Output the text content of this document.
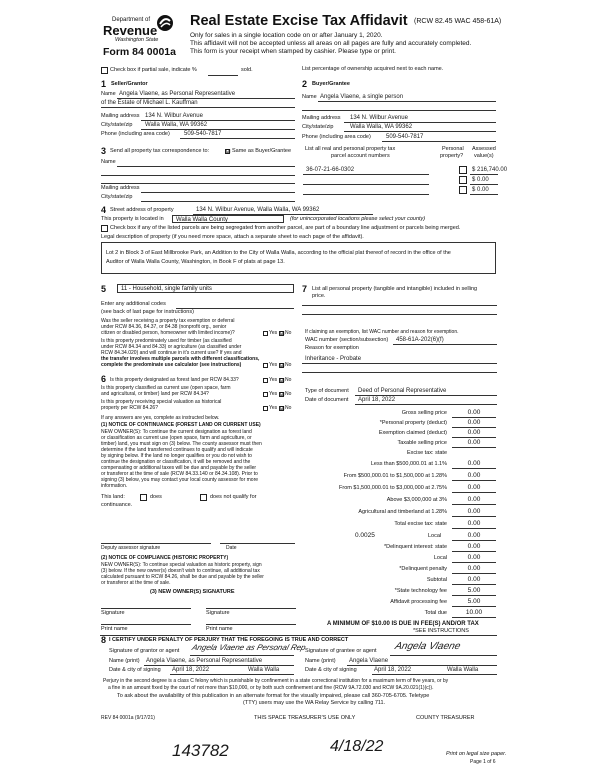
Department of
Revenue
Washington State
Form 84 0001a
Real Estate Excise Tax Affidavit (RCW 82.45 WAC 458-61A)
Only for sales in a single location code on or after January 1, 2020.
This affidavit will not be accepted unless all areas on all pages are fully and accurately completed.
This form is your receipt when stamped by cashier. Please type or print.
Check box if partial sale, indicate %	sold.	List percentage of ownership acquired next to each name.
1 Seller/Grantor
Name Angela Vlaene, as Personal Representative
of the Estate of Michael L. Kauffman
Mailing address 134 N. Wilbur Avenue
City/state/zip Walla Walla, WA 99362
Phone (including area code) 509-540-7817
2 Buyer/Grantee
Name Angela Vlaene, a single person
Mailing address 134 N. Wilbur Avenue
City/state/zip	Walla Walla, WA 99362
Phone (including area code)	509-540-7817
3 Send all property tax correspondence to:	☑ Same as Buyer/Grantee
Name
Mailing address
City/state/zip
List all real and personal property tax
parcel account numbers
Personal
property?
Assessed
value(s)
36-07-21-66-0302	$ 216,740.00
$ 0.00
$ 0.00
4 Street address of property	134 N. Wilbur Avenue, Walla Walla, WA 99362
This property is located in Walla Walla County	(for unincorporated locations please select your county)
Check box if any of the listed parcels are being segregated from another parcel, are part of a boundary line adjustment or parcels being merged.
Legal description of property (if you need more space, attach a separate sheet to each page of the affidavit).
Lot 2 in Block 3 of East Millbrooke Park, an Addition to the City of Walla Walla, according to the official plat thereof of record in the office of the
Auditor of Walla Walla County, Washington, in Book F of plats at page 13.
5 11 - Household, single family units
Enter any additional codes
(see back of last page for instructions)
Was the seller receiving a property tax exemption or deferral
under RCW 84.36, 84.37, or 84.38 (nonprofit org., senior
citizen or disabled person, homeowner with limited income)?	Yes ☑ No
Is this property predominately used for timber (as classified
under RCW 84.34 and 84.33) or agriculture (as classified under
RCW 84.34.020) and will continue in it's current use? If yes and
the transfer involves multiple parcels with different classifications,
complete the predominate use calculator (see instructions)	Yes ☑ No
6 Is this property designated as forest land per RCW 84.33?	Yes ☑ No
Is this property classified as current use (open space, farm
and agricultural, or timber) land per RCW 84.34?	Yes ☑ No
Is this property receiving special valuation as historical
property per RCW 84.26?	Yes ☑ No
If any answers are yes, complete as instructed below.
(1) NOTICE OF CONTINUANCE (FOREST LAND OR CURRENT USE)
NEW OWNER(S): To continue the current designation as forest land
or classification as current use (open space, farm and agriculture, or
timber) land, you must sign on (3) below. The county assessor must then
determine if the land transferred continues to qualify and will indicate
by signing below. If the land no longer qualifies or you do not wish to
continue the designation or classification, it will be removed and the
compensating or additional taxes will be due and payable by the seller
or transferor at the time of sale (RCW 84.33.140 or 84.34.108). Prior to
signing (3) below, you may contact your local county assessor for more
information.
This land:	does	does not qualify for
continuance.
Deputy assessor signature	Date
(2) NOTICE OF COMPLIANCE (HISTORIC PROPERTY)
NEW OWNER(S): To continue special valuation as historic property, sign
(3) below. If the new owner(s) doesn't wish to continue, all additional tax
calculated pursuant to RCW 84.26, shall be due and payable by the seller
or transferor at the time of sale.
(3) NEW OWNER(S) SIGNATURE
Signature	Signature
Print name	Print name
7 List all personal property (tangible and intangible) included in selling
price.
If claiming an exemption, list WAC number and reason for exemption.
WAC number (section/subsection) 458-61A-202(6)(f)
Reason for exemption
Inheritance - Probate
Type of document Deed of Personal Representative
Date of document April 18, 2022
Gross selling price	0.00
*Personal property (deduct)	0.00
Exemption claimed (deduct)	0.00
Taxable selling price	0.00
Excise tax: state
Less than $500,000.01 at 1.1%	0.00
From $500,000.01 to $1,500,000 at 1.28%	0.00
From $1,500,000.01 to $3,000,000 at 2.75%	0.00
Above $3,000,000 at 3%	0.00
Agricultural and timberland at 1.28%	0.00
Total excise tax: state	0.00
0.0025	Local	0.00
*Delinquent interest: state	0.00
Local	0.00
*Delinquent penalty	0.00
Subtotal	0.00
*State technology fee	5.00
Affidavit processing fee	5.00
Total due	10.00
A MINIMUM OF $10.00 IS DUE IN FEE(S) AND/OR TAX
*SEE INSTRUCTIONS
8 I CERTIFY UNDER PENALTY OF PERJURY THAT THE FOREGOING IS TRUE AND CORRECT
Signature of grantor or agent Angela Vlaene as Personal Rep
Name (print) Angela Vlaene, as Personal Representative
Date & city of signing April 18, 2022	Walla Walla
Signature of grantee or agent Angela Vlaene
Name (print) Angela Vlaene
Date & city of signing	April 18, 2022	Walla Walla
Perjury in the second degree is a class C felony which is punishable by confinement in a state correctional institution for a maximum term of five years, or by
a fine in an amount fixed by the court of not more than $10,000, or by both such confinement and fine (RCW 9A.72.030 and RCW 9A.20.021(1)(c)).
To ask about the availability of this publication in an alternate format for the visually impaired, please call 360-705-6705. Teletype
(TTY) users may use the WA Relay Service by calling 711.
REV 84 0001a (9/17/21)	THIS SPACE TREASURER'S USE ONLY	COUNTY TREASURER
143782	4/18/22	Print on legal size paper.
Page 1 of 6
